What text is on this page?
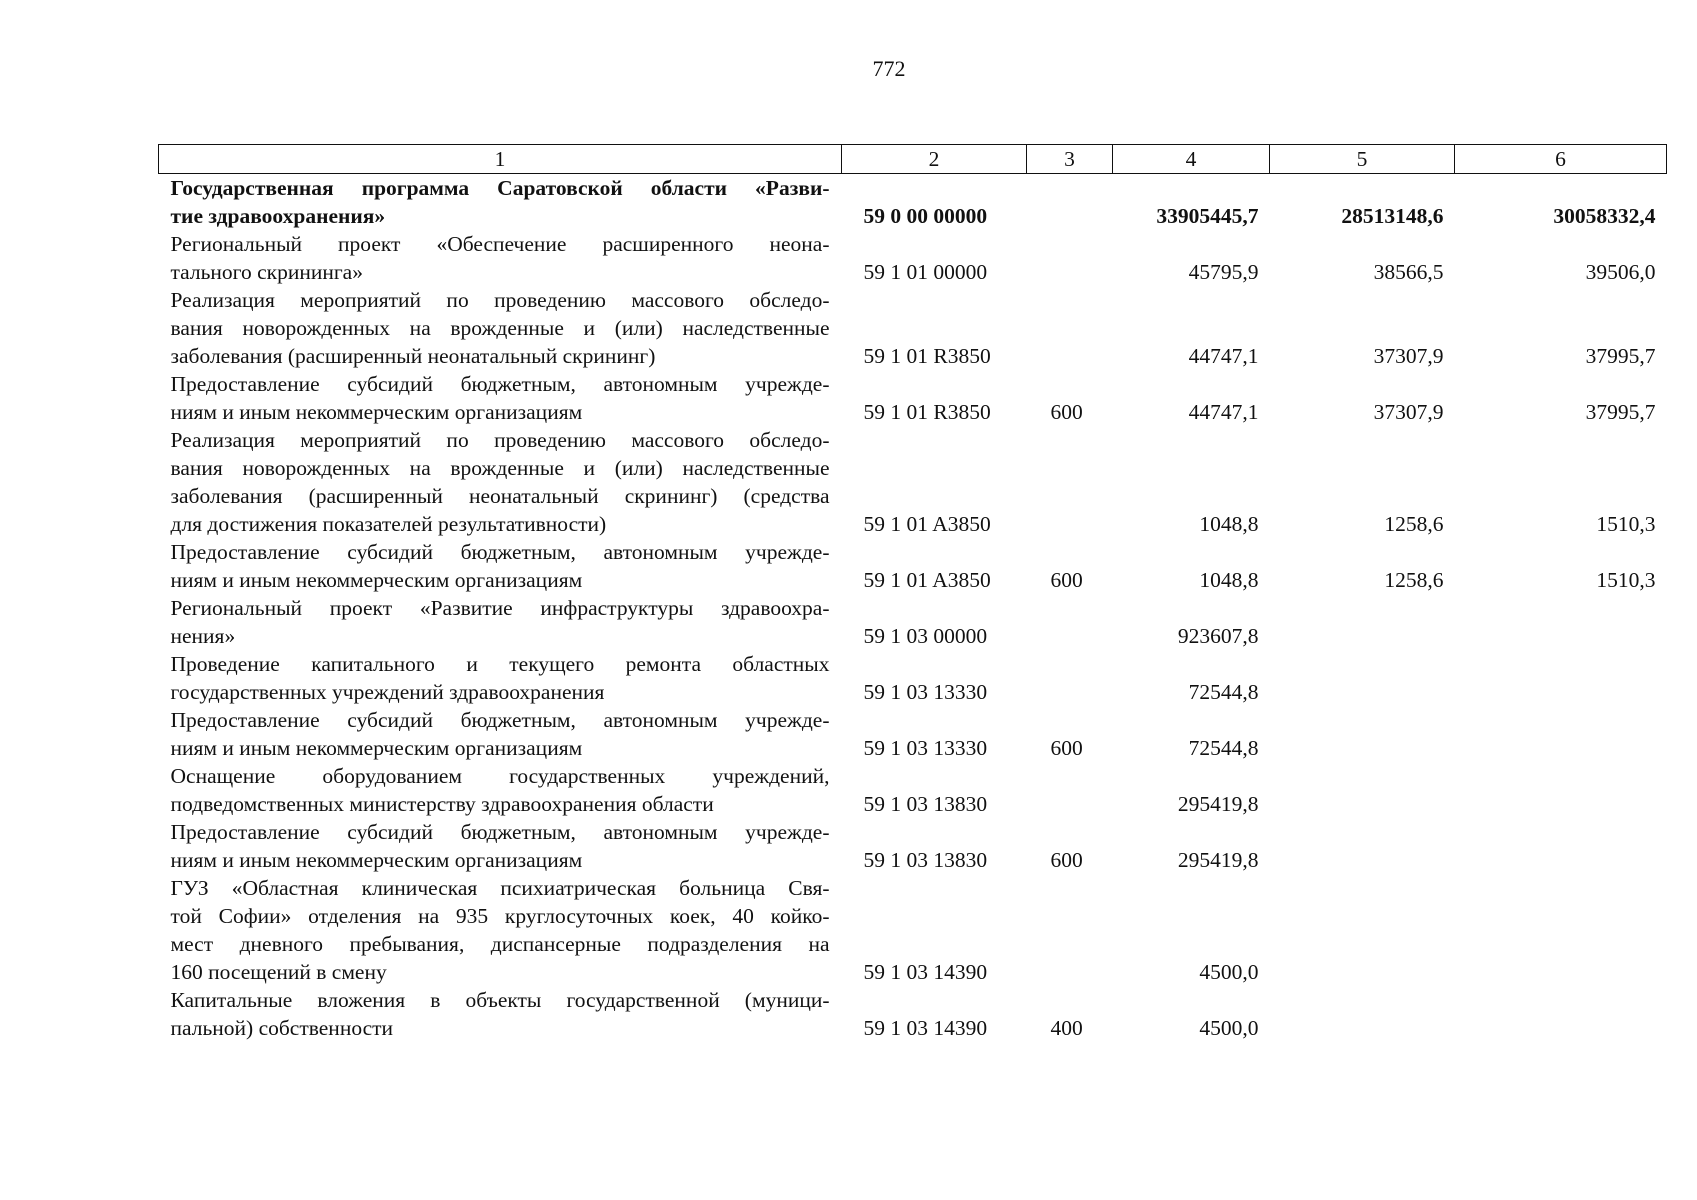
772
1	2	3	4	5	6

Государственная программа Саратовской области «Разви-
тие здравоохранения»	59 0 00 00000		33905445,7	28513148,6	30058332,4

Региональный проект «Обеспечение расширенного неона-
тального скрининга»	59 1 01 00000		45795,9	38566,5	39506,0

Реализация мероприятий по проведению массового обследо-
вания новорожденных на врожденные и (или) наследственные
заболевания (расширенный неонатальный скрининг)	59 1 01 R3850		44747,1	37307,9	37995,7

Предоставление субсидий бюджетным, автономным учрежде-
ниям и иным некоммерческим организациям	59 1 01 R3850	600	44747,1	37307,9	37995,7

Реализация мероприятий по проведению массового обследо-
вания новорожденных на врожденные и (или) наследственные
заболевания (расширенный неонатальный скрининг) (средства
для достижения показателей результативности)	59 1 01 A3850		1048,8	1258,6	1510,3

Предоставление субсидий бюджетным, автономным учрежде-
ниям и иным некоммерческим организациям	59 1 01 A3850	600	1048,8	1258,6	1510,3

Региональный проект «Развитие инфраструктуры здравоохра-
нения»	59 1 03 00000		923607,8		

Проведение капитального и текущего ремонта областных
государственных учреждений здравоохранения	59 1 03 13330		72544,8		

Предоставление субсидий бюджетным, автономным учрежде-
ниям и иным некоммерческим организациям	59 1 03 13330	600	72544,8		

Оснащение оборудованием государственных учреждений,
подведомственных министерству здравоохранения области	59 1 03 13830		295419,8		

Предоставление субсидий бюджетным, автономным учрежде-
ниям и иным некоммерческим организациям	59 1 03 13830	600	295419,8		

ГУЗ «Областная клиническая психиатрическая больница Свя-
той Софии» отделения на 935 круглосуточных коек, 40 койко-
мест дневного пребывания, диспансерные подразделения на
160 посещений в смену	59 1 03 14390		4500,0		

Капитальные вложения в объекты государственной (муници-
пальной) собственности	59 1 03 14390	400	4500,0		
